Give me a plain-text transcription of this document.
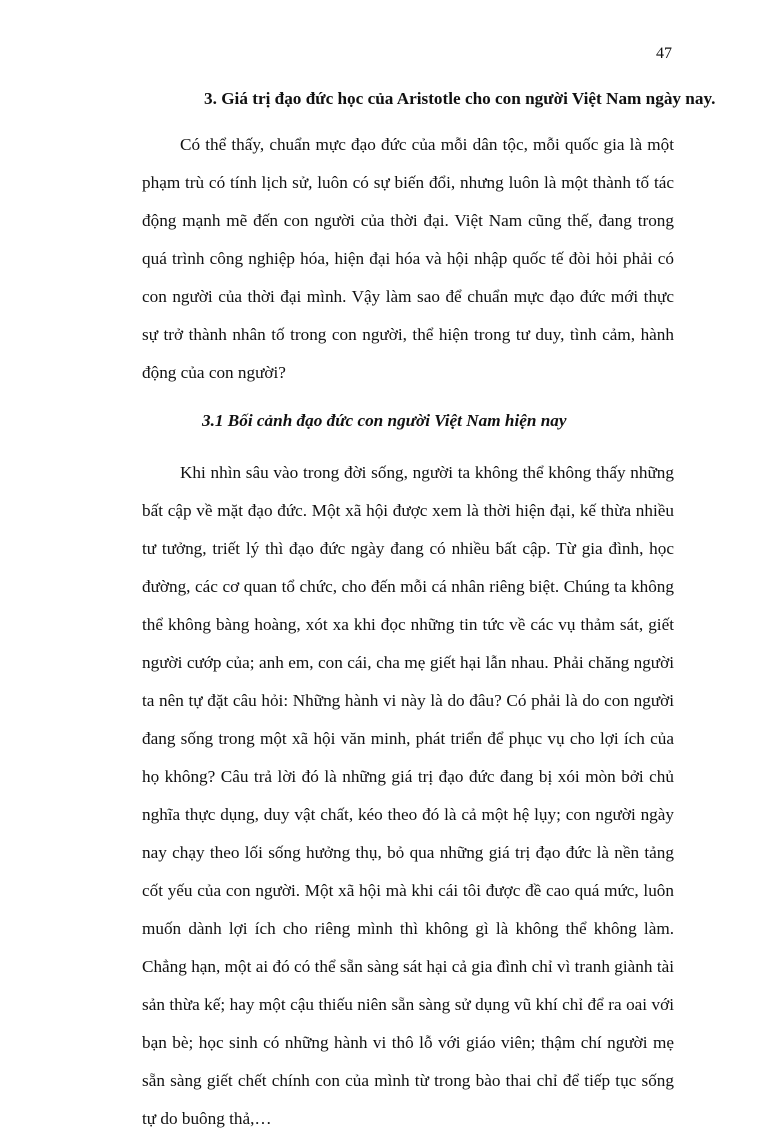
47

3. Giá trị đạo đức học của Aristotle cho con người Việt Nam ngày nay.

Có thể thấy, chuẩn mực đạo đức của mỗi dân tộc, mỗi quốc gia là một phạm trù có tính lịch sử, luôn có sự biến đổi, nhưng luôn là một thành tố tác động mạnh mẽ đến con người của thời đại. Việt Nam cũng thế, đang trong quá trình công nghiệp hóa, hiện đại hóa và hội nhập quốc tế đòi hỏi phải có con người của thời đại mình. Vậy làm sao để chuẩn mực đạo đức mới thực sự trở thành nhân tố trong con người, thể hiện trong tư duy, tình cảm, hành động của con người?

3.1 Bối cảnh đạo đức con người Việt Nam hiện nay

Khi nhìn sâu vào trong đời sống, người ta không thể không thấy những bất cập về mặt đạo đức. Một xã hội được xem là thời hiện đại, kế thừa nhiều tư tưởng, triết lý thì đạo đức ngày đang có nhiều bất cập. Từ gia đình, học đường, các cơ quan tổ chức, cho đến mỗi cá nhân riêng biệt. Chúng ta không thể không bàng hoàng, xót xa khi đọc những tin tức về các vụ thảm sát, giết người cướp của; anh em, con cái, cha mẹ giết hại lẫn nhau. Phải chăng người ta nên tự đặt câu hỏi: Những hành vi này là do đâu? Có phải là do con người đang sống trong một xã hội văn minh, phát triển để phục vụ cho lợi ích của họ không? Câu trả lời đó là những giá trị đạo đức đang bị xói mòn bởi chủ nghĩa thực dụng, duy vật chất, kéo theo đó là cả một hệ lụy; con người ngày nay chạy theo lối sống hưởng thụ, bỏ qua những giá trị đạo đức là nền tảng cốt yếu của con người. Một xã hội mà khi cái tôi được đề cao quá mức, luôn muốn dành lợi ích cho riêng mình thì không gì là không thể không làm. Chẳng hạn, một ai đó có thể sẵn sàng sát hại cả gia đình chỉ vì tranh giành tài sản thừa kế; hay một cậu thiếu niên sẵn sàng sử dụng vũ khí chỉ để ra oai với bạn bè; học sinh có những hành vi thô lỗ với giáo viên; thậm chí người mẹ sẵn sàng giết chết chính con của mình từ trong bào thai chỉ để tiếp tục sống tự do buông thả,…
